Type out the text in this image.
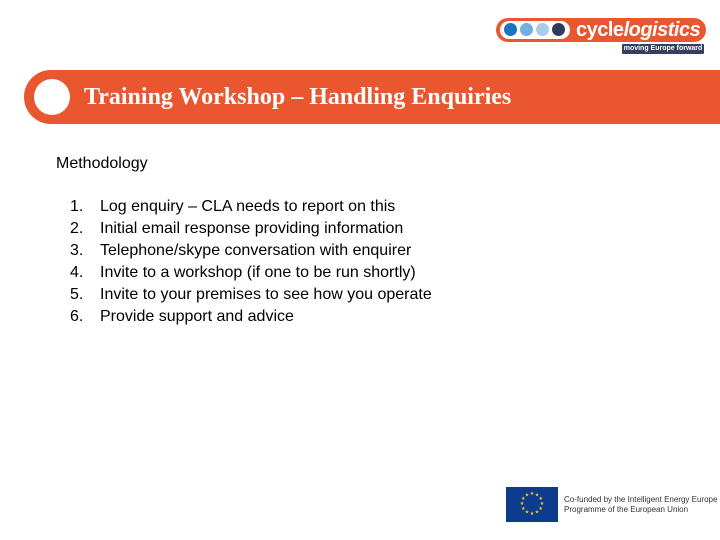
cyclelogistics
moving Europe forward
Training Workshop – Handling Enquiries
Methodology
1. Log enquiry – CLA needs to report on this
2. Initial email response providing information
3. Telephone/skype conversation with enquirer
4. Invite to a workshop (if one to be run shortly)
5. Invite to your premises to see how you operate
6. Provide support and advice
★ ★
★
★
★
★
★
★
★
★
★
★	Co-funded by the Intelligent Energy Europe
Programme of the European Union
